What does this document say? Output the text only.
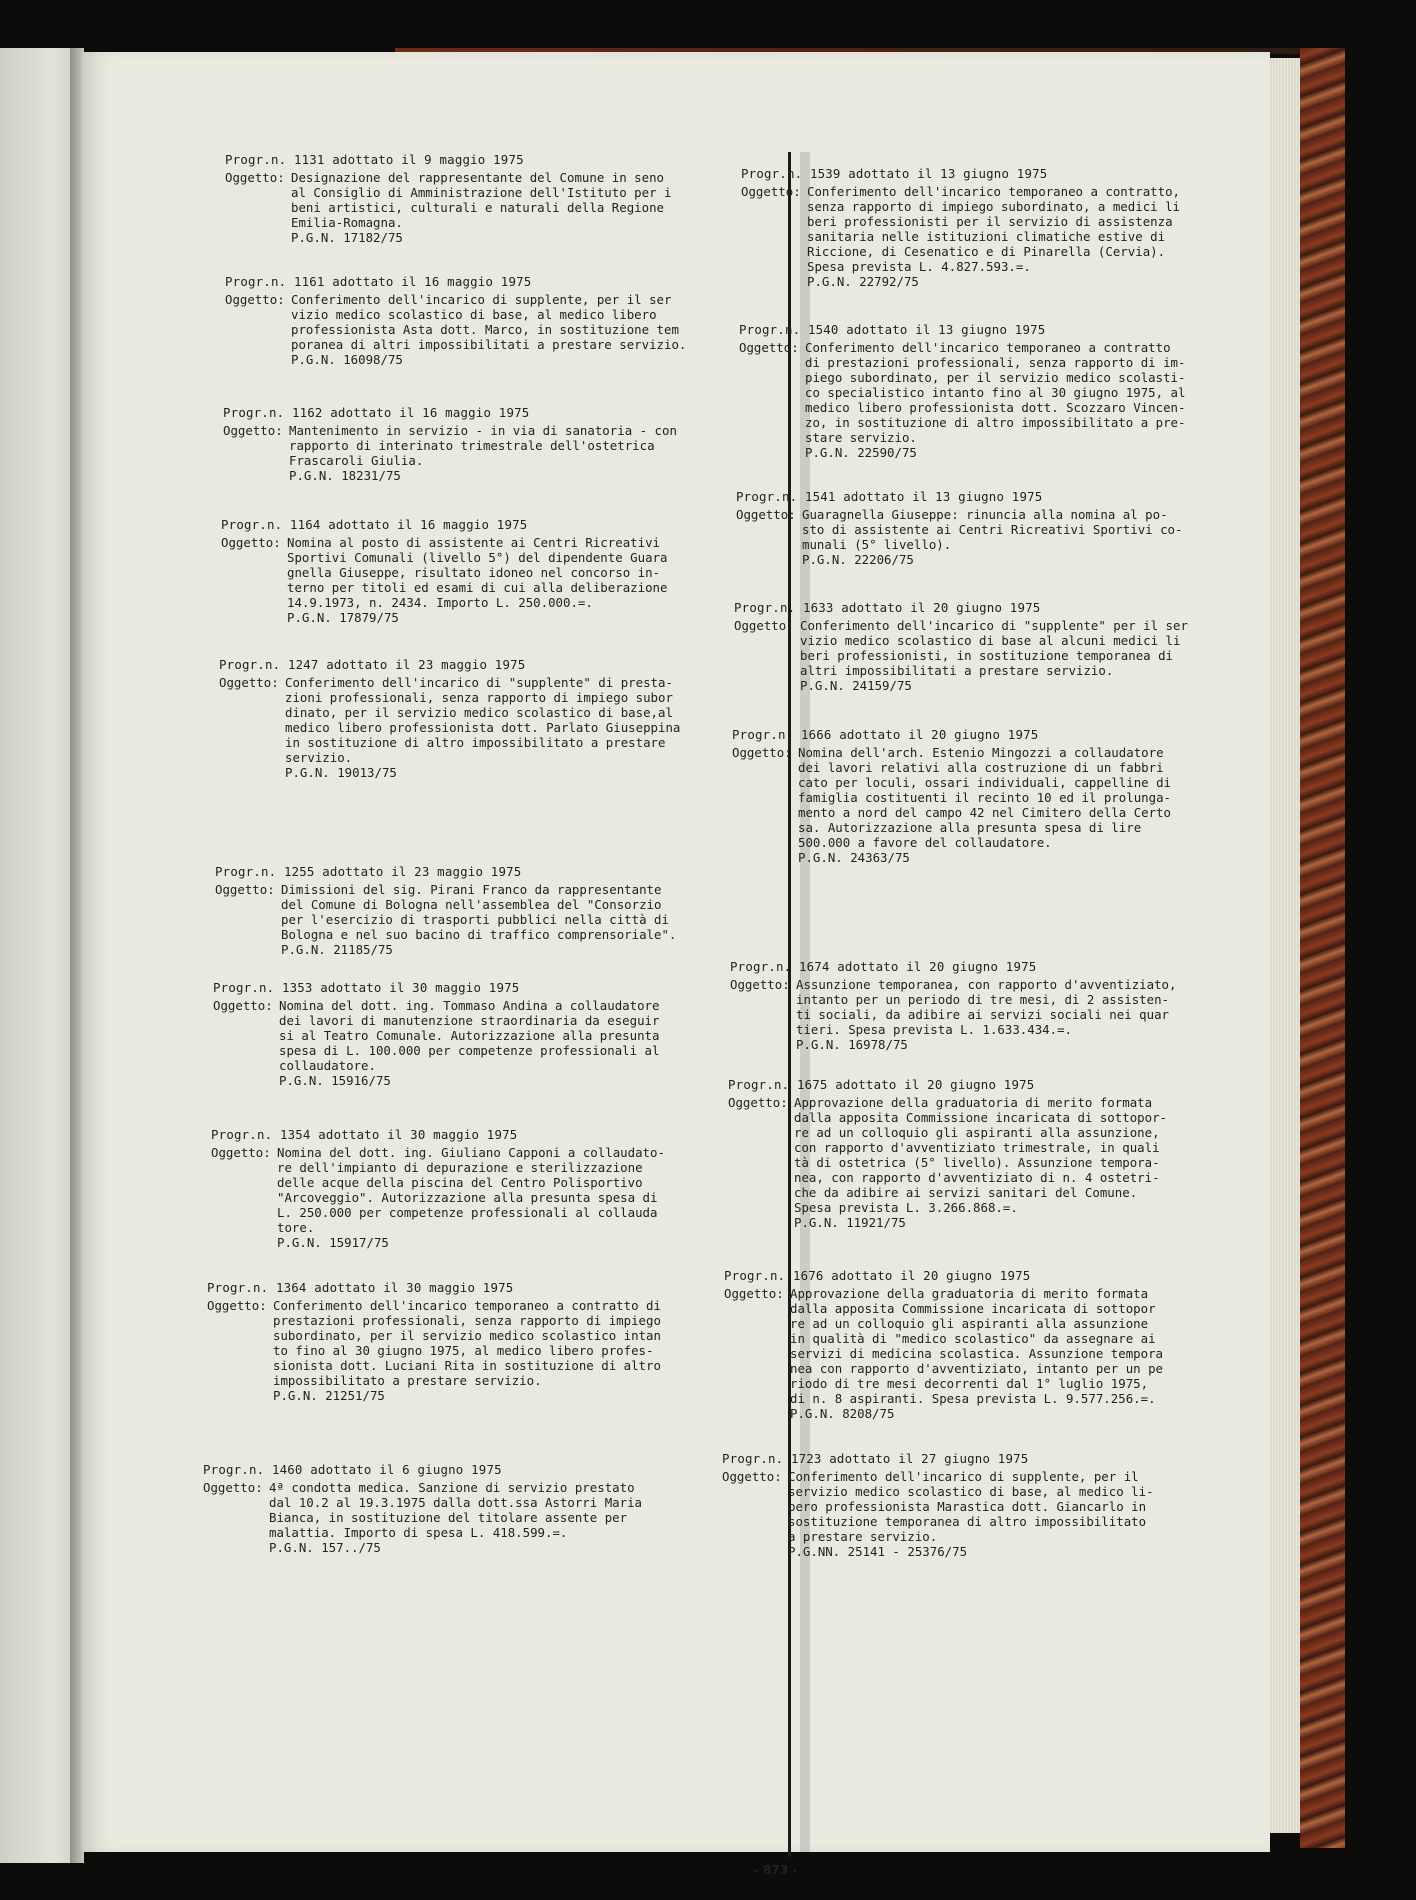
Progr.n. 1131 adottato il 9 maggio 1975
Oggetto: Designazione del rappresentante del Comune in seno
al Consiglio di Amministrazione dell'Istituto per i
beni artistici, culturali e naturali della Regione
Emilia-Romagna.
P.G.N. 17182/75
Progr.n. 1161 adottato il 16 maggio 1975
Oggetto: Conferimento dell'incarico di supplente, per il ser
vizio medico scolastico di base, al medico libero
professionista Asta dott. Marco, in sostituzione tem
poranea di altri impossibilitati a prestare servizio.
P.G.N. 16098/75
Progr.n. 1162 adottato il 16 maggio 1975
Oggetto: Mantenimento in servizio - in via di sanatoria - con
rapporto di interinato trimestrale dell'ostetrica
Frascaroli Giulia.
P.G.N. 18231/75
Progr.n. 1164 adottato il 16 maggio 1975
Oggetto: Nomina al posto di assistente ai Centri Ricreativi
Sportivi Comunali (livello 5°) del dipendente Guara
gnella Giuseppe, risultato idoneo nel concorso in-
terno per titoli ed esami di cui alla deliberazione
14.9.1973, n. 2434. Importo L. 250.000.=.
P.G.N. 17879/75
Progr.n. 1247 adottato il 23 maggio 1975
Oggetto: Conferimento dell'incarico di "supplente" di presta-
zioni professionali, senza rapporto di impiego subor
dinato, per il servizio medico scolastico di base,al
medico libero professionista dott. Parlato Giuseppina
in sostituzione di altro impossibilitato a prestare
servizio.
P.G.N. 19013/75
Progr.n. 1255 adottato il 23 maggio 1975
Oggetto: Dimissioni del sig. Pirani Franco da rappresentante
del Comune di Bologna nell'assemblea del "Consorzio
per l'esercizio di trasporti pubblici nella città di
Bologna e nel suo bacino di traffico comprensoriale".
P.G.N. 21185/75
Progr.n. 1353 adottato il 30 maggio 1975
Oggetto: Nomina del dott. ing. Tommaso Andina a collaudatore
dei lavori di manutenzione straordinaria da eseguir
si al Teatro Comunale. Autorizzazione alla presunta
spesa di L. 100.000 per competenze professionali al
collaudatore.
P.G.N. 15916/75
Progr.n. 1354 adottato il 30 maggio 1975
Oggetto: Nomina del dott. ing. Giuliano Capponi a collaudato-
re dell'impianto di depurazione e sterilizzazione
delle acque della piscina del Centro Polisportivo
"Arcoveggio". Autorizzazione alla presunta spesa di
L. 250.000 per competenze professionali al collauda
tore.
P.G.N. 15917/75
Progr.n. 1364 adottato il 30 maggio 1975
Oggetto: Conferimento dell'incarico temporaneo a contratto di
prestazioni professionali, senza rapporto di impiego
subordinato, per il servizio medico scolastico intan
to fino al 30 giugno 1975, al medico libero profes-
sionista dott. Luciani Rita in sostituzione di altro
impossibilitato a prestare servizio.
P.G.N. 21251/75
Progr.n. 1460 adottato il 6 giugno 1975
Oggetto: 4ª condotta medica. Sanzione di servizio prestato
dal 10.2 al 19.3.1975 dalla dott.ssa Astorri Maria
Bianca, in sostituzione del titolare assente per
malattia. Importo di spesa L. 418.599.=.
P.G.N. 157../75
Progr.n. 1539 adottato il 13 giugno 1975
Oggetto: Conferimento dell'incarico temporaneo a contratto,
senza rapporto di impiego subordinato, a medici li
beri professionisti per il servizio di assistenza
sanitaria nelle istituzioni climatiche estive di
Riccione, di Cesenatico e di Pinarella (Cervia).
Spesa prevista L. 4.827.593.=.
P.G.N. 22792/75
Progr.n. 1540 adottato il 13 giugno 1975
Oggetto: Conferimento dell'incarico temporaneo a contratto
di prestazioni professionali, senza rapporto di im-
piego subordinato, per il servizio medico scolasti-
co specialistico intanto fino al 30 giugno 1975, al
medico libero professionista dott. Scozzaro Vincen-
zo, in sostituzione di altro impossibilitato a pre-
stare servizio.
P.G.N. 22590/75
Progr.n. 1541 adottato il 13 giugno 1975
Oggetto: Guaragnella Giuseppe: rinuncia alla nomina al po-
sto di assistente ai Centri Ricreativi Sportivi co-
munali (5° livello).
P.G.N. 22206/75
Progr.n. 1633 adottato il 20 giugno 1975
Oggetto: Conferimento dell'incarico di "supplente" per il ser
vizio medico scolastico di base al alcuni medici li
beri professionisti, in sostituzione temporanea di
altri impossibilitati a prestare servizio.
P.G.N. 24159/75
Progr.n. 1666 adottato il 20 giugno 1975
Oggetto: Nomina dell'arch. Estenio Mingozzi a collaudatore
dei lavori relativi alla costruzione di un fabbri
cato per loculi, ossari individuali, cappelline di
famiglia costituenti il recinto 10 ed il prolunga-
mento a nord del campo 42 nel Cimitero della Certo
sa. Autorizzazione alla presunta spesa di lire
500.000 a favore del collaudatore.
P.G.N. 24363/75
Progr.n. 1674 adottato il 20 giugno 1975
Oggetto: Assunzione temporanea, con rapporto d'avventiziato,
intanto per un periodo di tre mesi, di 2 assisten-
ti sociali, da adibire ai servizi sociali nei quar
tieri. Spesa prevista L. 1.633.434.=.
P.G.N. 16978/75
Progr.n. 1675 adottato il 20 giugno 1975
Oggetto: Approvazione della graduatoria di merito formata
dalla apposita Commissione incaricata di sottopor-
re ad un colloquio gli aspiranti alla assunzione,
con rapporto d'avventiziato trimestrale, in quali
tà di ostetrica (5° livello). Assunzione tempora-
nea, con rapporto d'avventiziato di n. 4 ostetri-
che da adibire ai servizi sanitari del Comune.
Spesa prevista L. 3.266.868.=.
P.G.N. 11921/75
Progr.n. 1676 adottato il 20 giugno 1975
Oggetto: Approvazione della graduatoria di merito formata
dalla apposita Commissione incaricata di sottopor
re ad un colloquio gli aspiranti alla assunzione
in qualità di "medico scolastico" da assegnare ai
servizi di medicina scolastica. Assunzione tempora
nea con rapporto d'avventiziato, intanto per un pe
riodo di tre mesi decorrenti dal 1° luglio 1975,
di n. 8 aspiranti. Spesa prevista L. 9.577.256.=.
P.G.N. 8208/75
Progr.n. 1723 adottato il 27 giugno 1975
Oggetto: Conferimento dell'incarico di supplente, per il
servizio medico scolastico di base, al medico li-
bero professionista Marastica dott. Giancarlo in
sostituzione temporanea di altro impossibilitato
a prestare servizio.
P.G.NN. 25141 - 25376/75
- 873 -
